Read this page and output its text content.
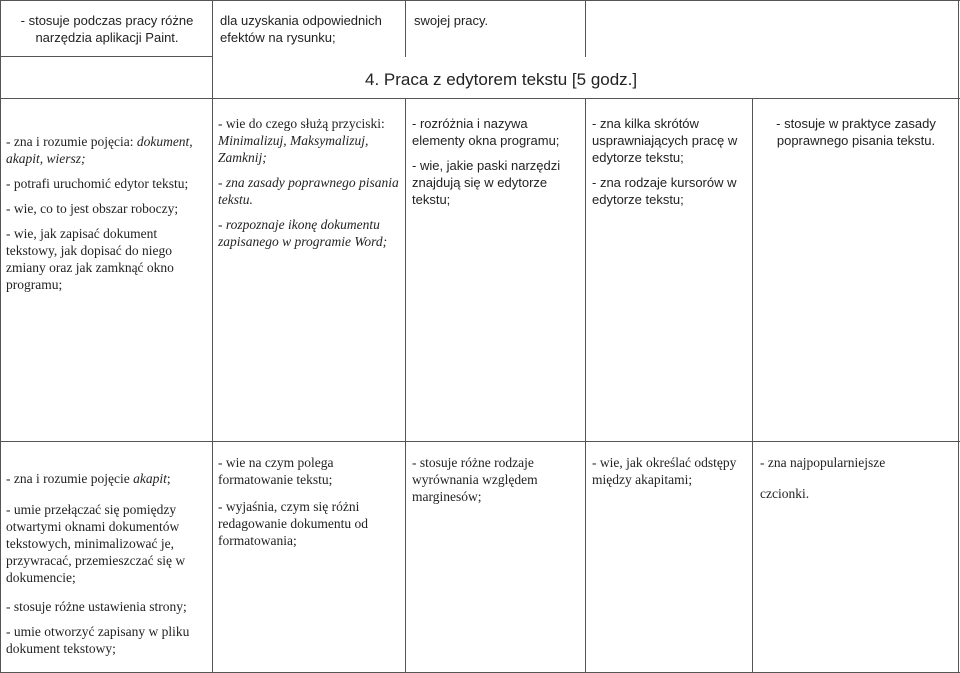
- stosuje podczas pracy różne narzędzia aplikacji Paint.
dla uzyskania odpowiednich efektów na rysunku;
swojej pracy.
4. Praca z edytorem tekstu [5 godz.]

- zna i rozumie pojęcia: dokument, akapit, wiersz;

- potrafi uruchomić edytor tekstu;

- wie, co to jest obszar roboczy;

- wie, jak zapisać dokument tekstowy, jak dopisać do niego zmiany oraz jak zamknąć okno programu;

- wie do czego służą przyciski: Minimalizuj, Maksymalizuj, Zamknij;

- zna zasady poprawnego pisania tekstu.

- rozpoznaje ikonę dokumentu zapisanego w programie Word;

- rozróżnia i nazywa elementy okna programu;

- wie, jakie paski narzędzi znajdują się w edytorze tekstu;

- zna kilka skrótów usprawniających pracę w edytorze tekstu;

- zna rodzaje kursorów w edytorze tekstu;

- stosuje w praktyce zasady poprawnego pisania tekstu.

- zna i rozumie pojęcie akapit;

- umie przełączać się pomiędzy otwartymi oknami dokumentów tekstowych, minimalizować je, przywracać, przemieszczać się w dokumencie;

- stosuje różne ustawienia strony;

- umie otworzyć zapisany w pliku dokument tekstowy;

- wie na czym polega formatowanie tekstu;

- wyjaśnia, czym się różni redagowanie dokumentu od formatowania;

- stosuje różne rodzaje wyrównania względem marginesów;

- wie, jak określać odstępy między akapitami;

- zna najpopularniejsze

czcionki.
